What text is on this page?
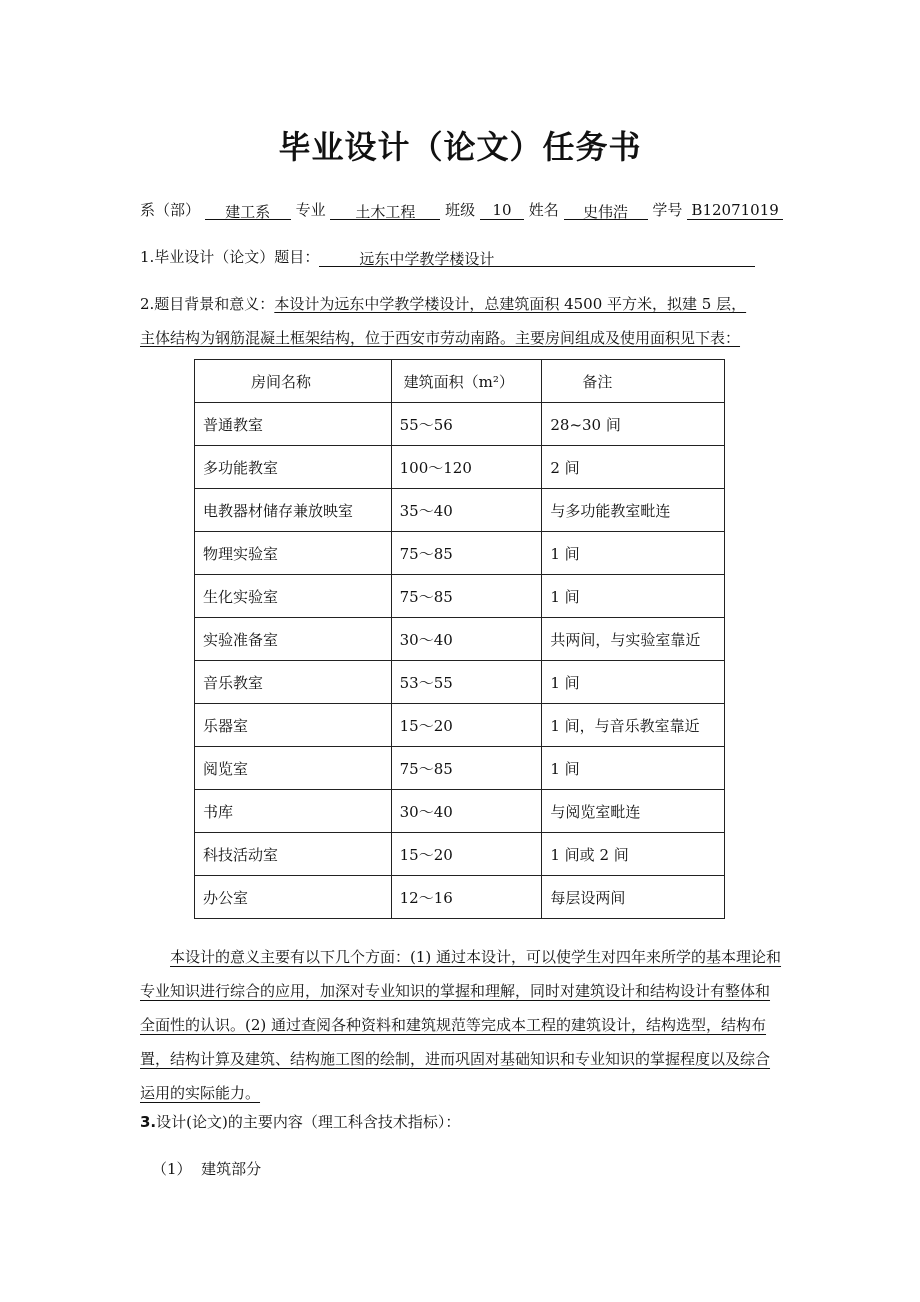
毕业设计（论文）任务书
系（部） 建工系 专业 土木工程 班级 10 姓名 史伟浩 学号 B12071019
1.毕业设计（论文）题目：	远东中学教学楼设计
2.题目背景和意义：本设计为远东中学教学楼设计，总建筑面积 4500 平方米，拟建 5 层，
主体结构为钢筋混凝土框架结构，位于西安市劳动南路。主要房间组成及使用面积见下表：
房间名称	建筑面积（m²）	备注
普通教室	55～56	28~30 间
多功能教室	100～120	2 间
电教器材储存兼放映室	35～40	与多功能教室毗连
物理实验室	75～85	1 间
生化实验室	75～85	1 间
实验准备室	30～40	共两间，与实验室靠近
音乐教室	53～55	1 间
乐器室	15～20	1 间，与音乐教室靠近
阅览室	75～85	1 间
书库	30～40	与阅览室毗连
科技活动室	15～20	1 间或 2 间
办公室	12～16	每层设两间
本设计的意义主要有以下几个方面：(1) 通过本设计，可以使学生对四年来所学的基本理论和专业知识进行综合的应用，加深对专业知识的掌握和理解，同时对建筑设计和结构设计有整体和全面性的认识。(2) 通过查阅各种资料和建筑规范等完成本工程的建筑设计，结构选型，结构布置，结构计算及建筑、结构施工图的绘制，进而巩固对基础知识和专业知识的掌握程度以及综合运用的实际能力。
3.设计(论文)的主要内容（理工科含技术指标）：
（1）  建筑部分
